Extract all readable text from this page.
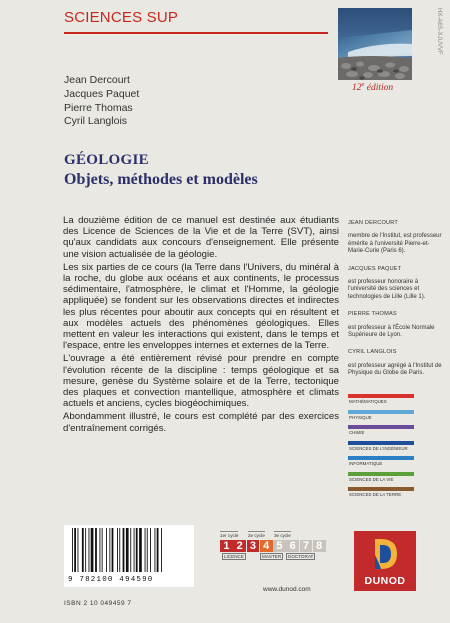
SCIENCES SUP
12e édition
HX-A6S-XJUVVF
Jean Dercourt
Jacques Paquet
Pierre Thomas
Cyril Langlois
GÉOLOGIE
Objets, méthodes et modèles

La douzième édition de ce manuel est destinée aux étudiants des Licence de Sciences de la Vie et de la Terre (SVT), ainsi qu'aux candidats aux concours d'enseignement. Elle présente une vision actualisée de la géologie.

Les six parties de ce cours (la Terre dans l'Univers, du minéral à la roche, du globe aux océans et aux continents, le processus sédimentaire, l'atmosphère, le climat et l'Homme, la géologie appliquée) se fondent sur les observations directes et indirectes les plus récentes pour aboutir aux concepts qui en résultent et aux modèles actuels des phénomènes géologiques. Elles mettent en valeur les interactions qui existent, dans le temps et l'espace, entre les enveloppes internes et externes de la Terre.

L'ouvrage a été entièrement révisé pour prendre en compte l'évolution récente de la discipline : temps géologique et sa mesure, genèse du Système solaire et de la Terre, tectonique des plaques et convection mantellique, atmosphère et climats actuels et anciens, cycles biogéochimiques.

Abondamment illustré, le cours est complété par des exercices d'entraînement corrigés.

JEAN DERCOURT
membre de l'Institut, est professeur émérite à l'université Pierre-et-Marie-Curie (Paris 6).
JACQUES PAQUET
est professeur honoraire à l'université des sciences et technologies de Lille (Lille 1).
PIERRE THOMAS
est professeur à l'École Normale Supérieure de Lyon.
CYRIL LANGLOIS
est professeur agrégé à l'Institut de Physique du Globe de Paris.
MATHÉMATIQUES
PHYSIQUE
CHIMIE
SCIENCES DE L'INGÉNIEUR
INFORMATIQUE
SCIENCES DE LA VIE
SCIENCES DE LA TERRE
9 782100 494590
ISBN 2 10 049459 7
1er cycle 2e cycle 3e cycle
1 2 3 4 5 6 7 8
LICENCE	MASTER	DOCTORAT
www.dunod.com
DUNOD
